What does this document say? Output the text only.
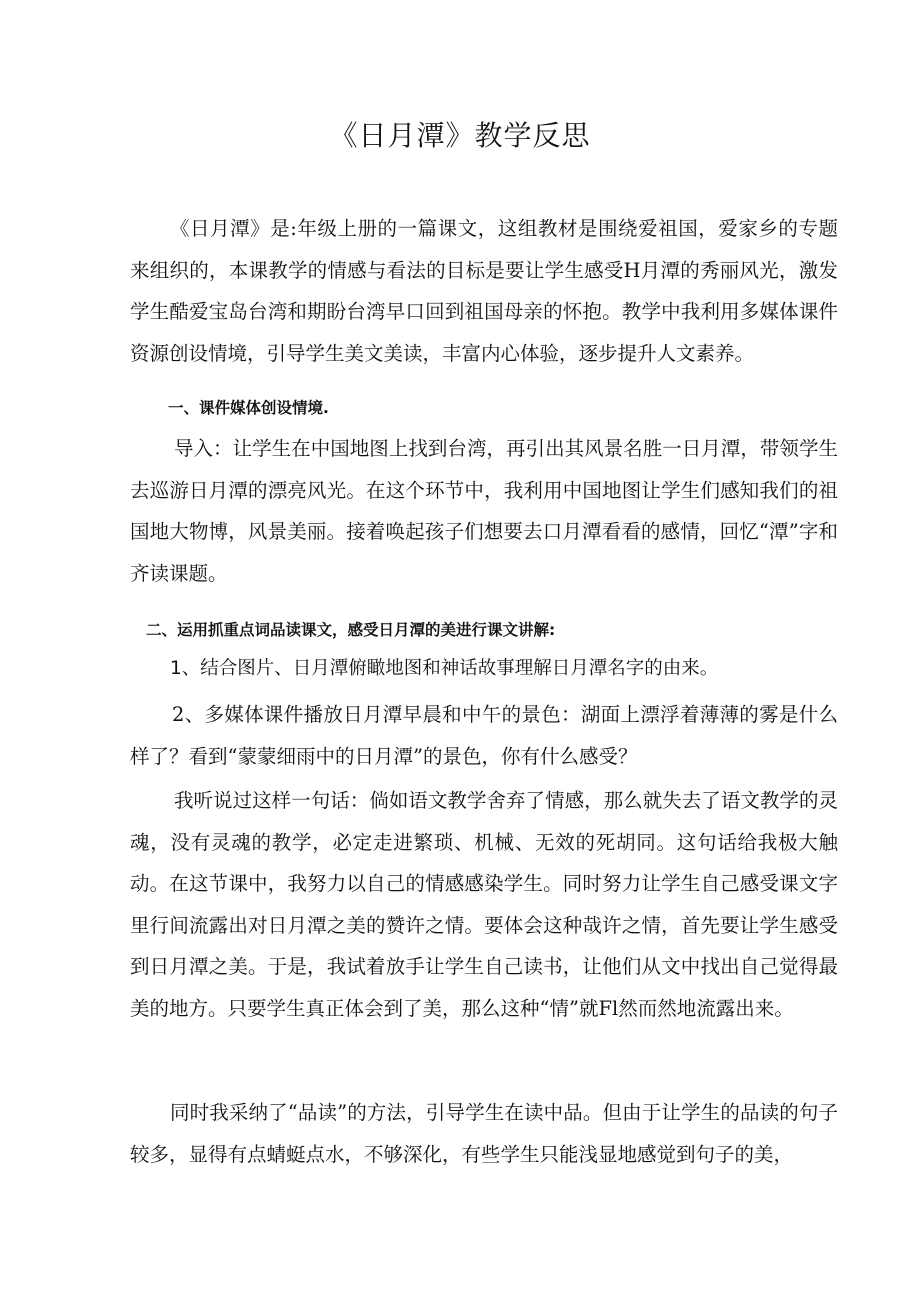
《日月潭》教学反思

《日月潭》是:年级上册的一篇课文，这组教材是围绕爱祖国，爱家乡的专题来组织的，本课教学的情感与看法的目标是要让学生感受H月潭的秀丽风光，激发学生酷爱宝岛台湾和期盼台湾早口回到祖国母亲的怀抱。教学中我利用多媒体课件资源创设情境，引导学生美文美读，丰富内心体验，逐步提升人文素养。

一、课件媒体创设情境.

导入：让学生在中国地图上找到台湾，再引出其风景名胜一日月潭，带领学生去巡游日月潭的漂亮风光。在这个环节中，我利用中国地图让学生们感知我们的祖国地大物博，风景美丽。接着唤起孩子们想要去口月潭看看的感情，回忆“潭”字和齐读课题。

二、运用抓重点词品读课文，感受日月潭的美进行课文讲解:

1、结合图片、日月潭俯瞰地图和神话故事理解日月潭名字的由来。

2、多媒体课件播放日月潭早晨和中午的景色：湖面上漂浮着薄薄的雾是什么样了？看到“蒙蒙细雨中的日月潭”的景色，你有什么感受？

我听说过这样一句话：倘如语文教学舍弃了情感，那么就失去了语文教学的灵魂，没有灵魂的教学，必定走进繁琐、机械、无效的死胡同。这句话给我极大触动。在这节课中，我努力以自己的情感感染学生。同时努力让学生自己感受课文字里行间流露出对日月潭之美的赞许之情。要体会这种哉许之情，首先要让学生感受到日月潭之美。于是，我试着放手让学生自己读书，让他们从文中找出自己觉得最美的地方。只要学生真正体会到了美，那么这种“情”就Fl然而然地流露出来。

同时我采纳了“品读”的方法，引导学生在读中品。但由于让学生的品读的句子较多，显得有点蜻蜓点水，不够深化，有些学生只能浅显地感觉到句子的美，
